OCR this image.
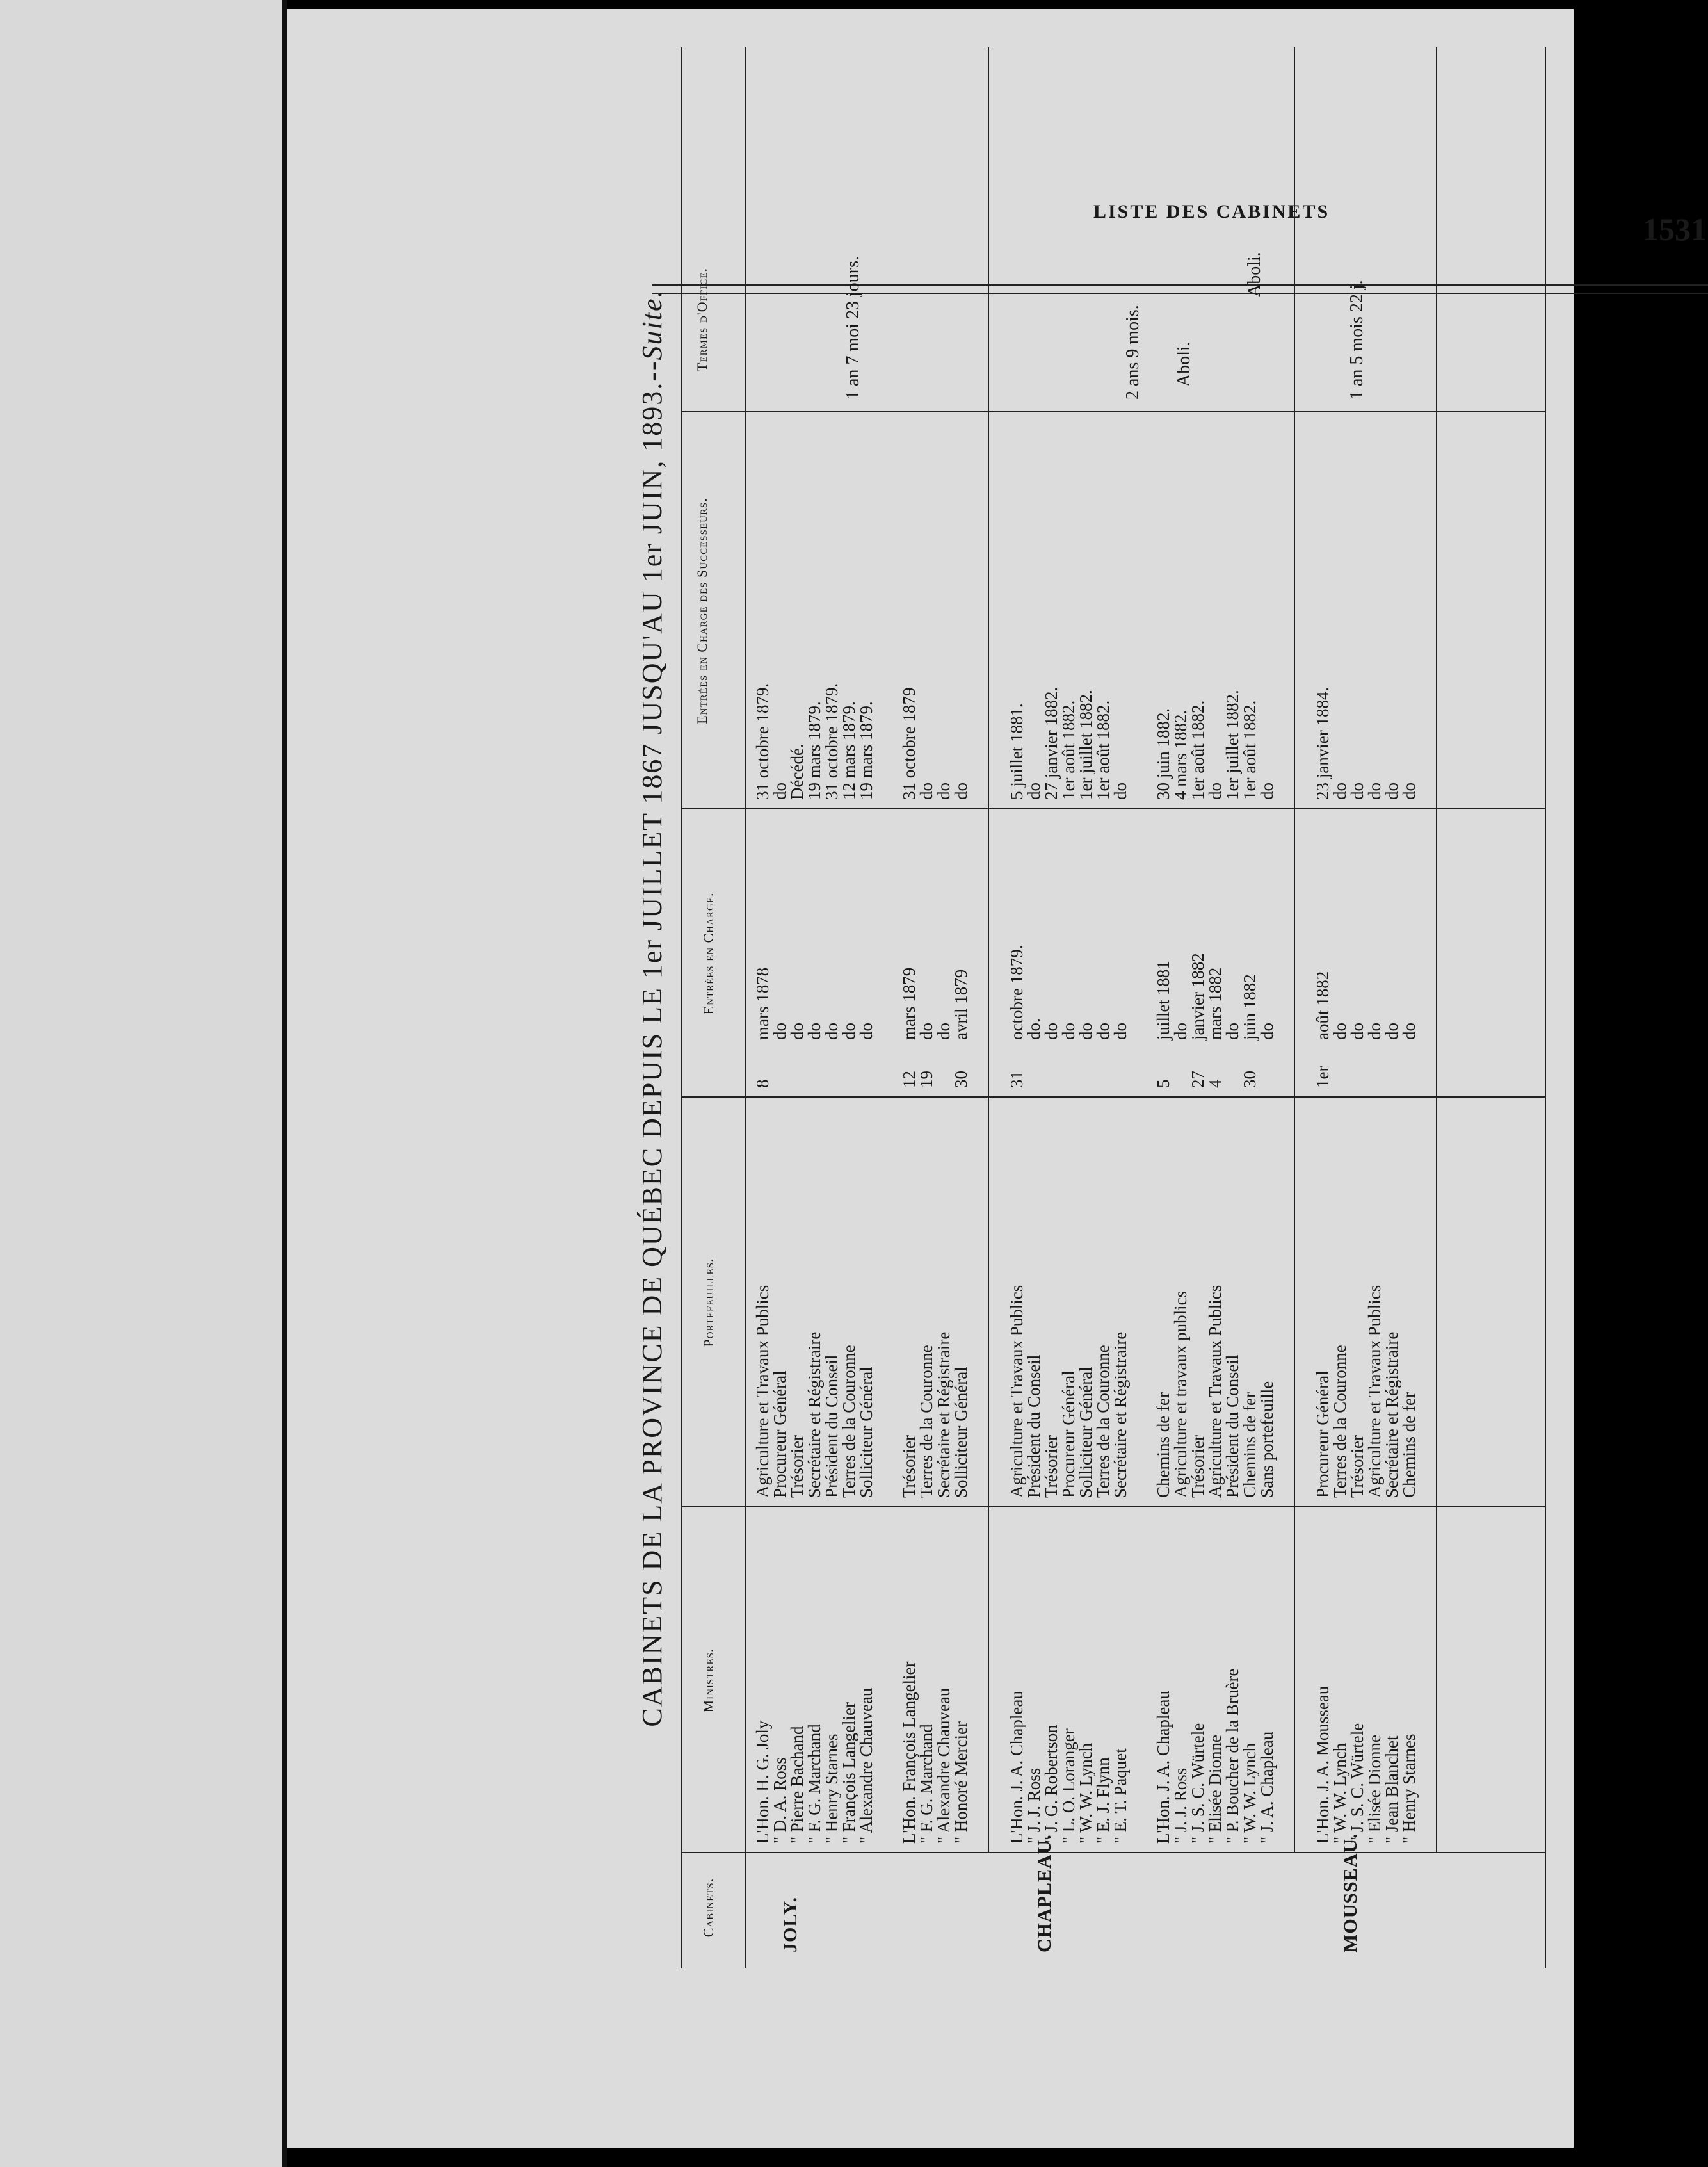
LISTE DES CABINETS	1531
CABINETS DE LA PROVINCE DE QUÉBEC DEPUIS LE 1er JUILLET 1867 JUSQU'AU 1er JUIN, 1893.--Suite.
Cabinets.
Ministres.
Portefeuilles.
Entrées en Charge.
Entrées en Charge des Successeurs.
Termes d'Office.
L'Hon. H. G. Joly
Agriculture et Travaux Publics
8
mars 1878
31 octobre 1879.
" D. A. Ross
Procureur Général
do
do
" Pierre Bachand
Trésorier
do
Décédé.
" F. G. Marchand
Secrétaire et Régistraire
do
19 mars 1879.
" Henry Starnes
Président du Conseil
do
31 octobre 1879.
" François Langelier
Terres de la Couronne
do
12 mars 1879.
" Alexandre Chauveau
Solliciteur Général
do
19 mars 1879.
L'Hon. François Langelier
Trésorier
12
mars 1879
31 octobre 1879
" F. G. Marchand
Terres de la Couronne
19
do
do
" Alexandre Chauveau
Secrétaire et Régistraire
do
do
" Honoré Mercier
Solliciteur Général
30
avril 1879
do
JOLY.
1 an 7 moi 23 jours.
L'Hon. J. A. Chapleau
Agriculture et Travaux Publics
31
octobre 1879.
5 juillet 1881.
" J. J. Ross
Président du Conseil
do.
do
" J. G. Robertson
Trésorier
do
27 janvier 1882.
" L. O. Loranger
Procureur Général
do
1er août 1882.
" W. W. Lynch
Solliciteur Général
do
1er juillet 1882.
" E. J. Flynn
Terres de la Couronne
do
1er août 1882.
" E. T. Paquet
Secrétaire et Régistraire
do
do
L'Hon. J. A. Chapleau
Chemins de fer
5
juillet 1881
30 juin 1882.
" J. J. Ross
Agriculture et travaux publics
do
4 mars 1882.
" J. S. C. Würtele
Trésorier
27
janvier 1882
1er août 1882.
" Elisée Dionne
Agriculture et Travaux Publics
4
mars 1882
do
" P. Boucher de la Bruère
Président du Conseil
do
1er juillet 1882.
" W. W. Lynch
Chemins de fer
30
juin 1882
1er août 1882.
" J. A. Chapleau
Sans portefeuille
do
do
CHAPLEAU.
2 ans 9 mois. Aboli.
Aboli.
L'Hon. J. A. Mousseau
Procureur Général
1er
août 1882
23 janvier 1884.
" W. W. Lynch
Terres de la Couronne
do
do
" J. S. C. Würtele
Trésorier
do
do
" Elisée Dionne
Agriculture et Travaux Publics
do
do
" Jean Blanchet
Secrétaire et Régistraire
do
do
" Henry Starnes
Chemins de fer
do
do
MOUSSEAU.
1 an 5 mois 22 j.
